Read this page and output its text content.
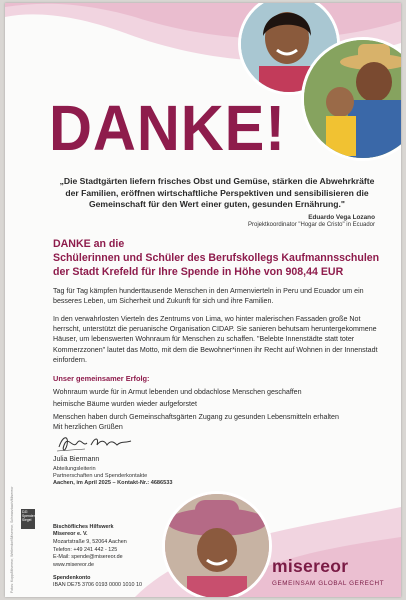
DANKE!

„Die Stadtgärten liefern frisches Obst und Gemüse, stärken die Abwehrkräfte der Familien, eröffnen wirtschaftliche Perspektiven und sensibilisieren die Gemeinschaft für den Wert einer guten, gesunden Ernährung."

Eduardo Vega Lozano
Projektkoordinator "Hogar de Cristo" in Ecuador
DANKE an die
Schülerinnen und Schüler des Berufskollegs Kaufmannsschulen
der Stadt Krefeld für Ihre Spende in Höhe von 908,44 EUR

Tag für Tag kämpfen hunderttausende Menschen in den Armenvierteln in Peru und Ecuador um ein besseres Leben, um Sicherheit und Zukunft für sich und ihre Familien.

In den verwahrlosten Vierteln des Zentrums von Lima, wo hinter malerischen Fassaden große Not herrscht, unterstützt die peruanische Organisation CIDAP. Sie sanieren behutsam heruntergekommene Häuser, um lebenswerten Wohnraum für Menschen zu schaffen. "Belebte Innenstädte statt toter Kommerzzonen" lautet das Motto, mit dem die Bewohner*innen ihr Recht auf Wohnen in der Innenstadt einfordern.

Unser gemeinsamer Erfolg:

Wohnraum wurde für in Armut lebenden und obdachlose Menschen geschaffen
heimische Bäume wurden wieder aufgeforstet
Menschen haben durch Gemeinschaftsgärten Zugang zu gesunden Lebensmitteln erhalten
Mit herzlichen Grüßen
Julia Biermann
Abteilungsleiterin
Partnerschaften und Spenderkontakte
Aachen, im April 2025 – Kontakt-Nr.: 4686533
Fotos: Kopp/Misereor, Wellendorf/Misereor, Schwarzbach/Misereor DZI Spenden-Siegel
Bischöfliches Hilfswerk
Misereor e. V.
Mozartstraße 9, 52064 Aachen
Telefon: +49 241 442 - 125
E-Mail: spende@misereor.de
www.misereor.de
Spendenkonto
IBAN DE75 3706 0193 0000 1010 10
misereor
GEMEINSAM GLOBAL GERECHT
